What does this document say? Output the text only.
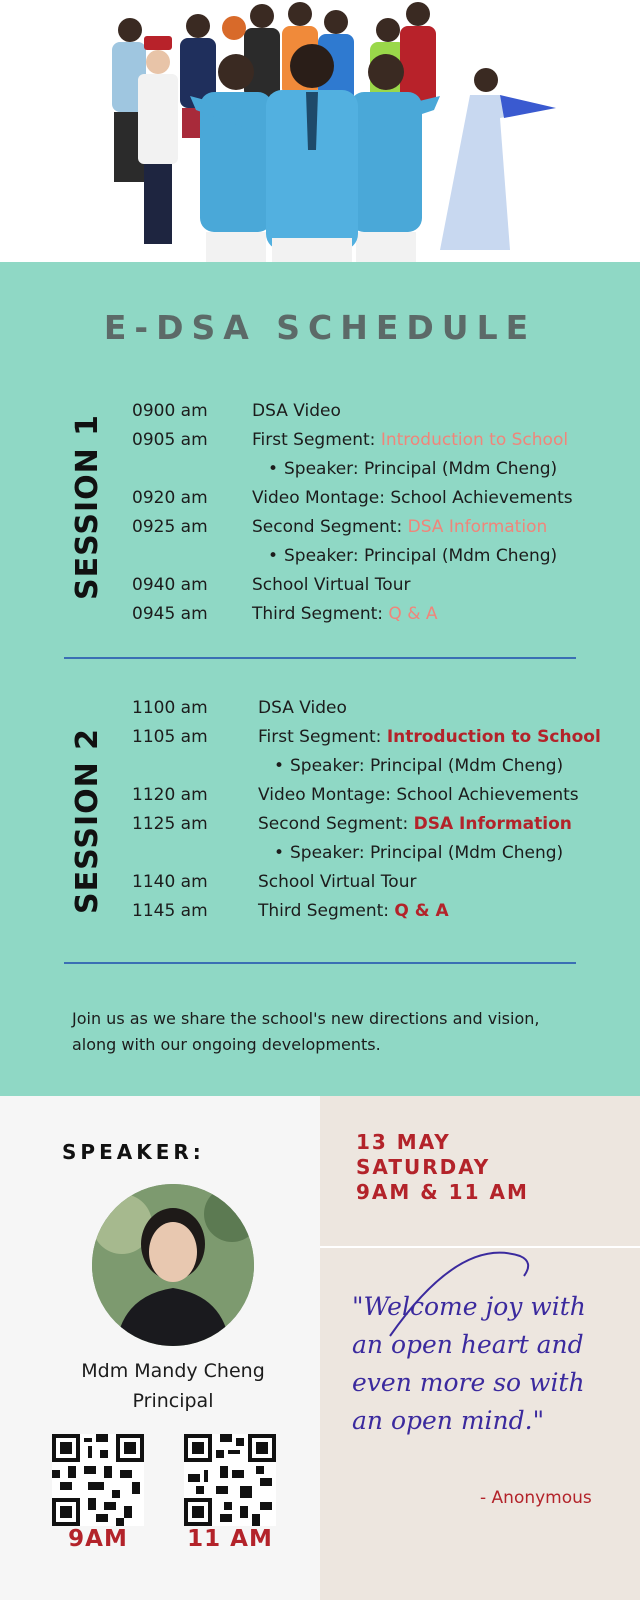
E-DSA SCHEDULE
SESSION 1
0900 am	DSA Video
0905 am	First Segment: Introduction to School
• Speaker: Principal (Mdm Cheng)
0920 am	Video Montage: School Achievements
0925 am	Second Segment: DSA Information
• Speaker: Principal (Mdm Cheng)
0940 am	School Virtual Tour
0945 am	Third Segment: Q & A
SESSION 2
1100 am	DSA Video
1105 am	First Segment: Introduction to School
• Speaker: Principal (Mdm Cheng)
1120 am	Video Montage: School Achievements
1125 am	Second Segment: DSA Information
• Speaker: Principal (Mdm Cheng)
1140 am	School Virtual Tour
1145 am	Third Segment: Q & A
Join us as we share the school's new directions and vision, along with our ongoing developments.
SPEAKER:
Mdm Mandy Cheng
Principal
9AM	11 AM
13 MAY
SATURDAY
9AM & 11 AM
"Welcome joy with an open heart and even more so with an open mind."
- Anonymous
